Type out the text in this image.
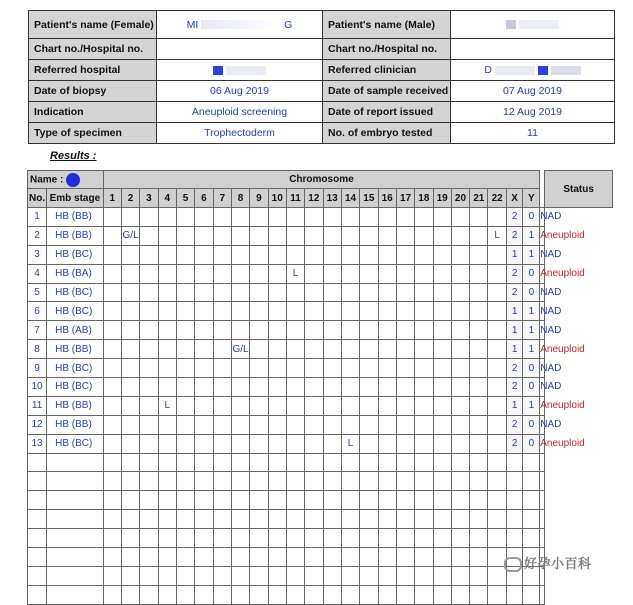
Patient's name (Female)	MI G	Patient's name (Male)	
Chart no./Hospital no.		Chart no./Hospital no.	
Referred hospital		Referred clinician	D
Date of biopsy	06 Aug 2019	Date of sample received	07 Aug 2019
Indication	Aneuploid screening	Date of report issued	12 Aug 2019
Type of specimen	Trophectoderm	No. of embryo tested	11
Results :
Name :		Chromosome																									Status
No.	Emb stage	1	2	3	4	5	6	7	8	9	10	11	12	13	14	15	16	17	18	19	20	21	22	X	Y		
1	HB (BB)																							2	0	NAD	
2	HB (BB)		G/L																				L	2	1	Aneuploid	
3	HB (BC)																							1	1	NAD	
4	HB (BA)											L												2	0	Aneuploid	
5	HB (BC)																							2	0	NAD	
6	HB (BC)																							1	1	NAD	
7	HB (AB)																							1	1	NAD	
8	HB (BB)								G/L															1	1	Aneuploid	
9	HB (BC)																							2	0	NAD	
10	HB (BC)																							2	0	NAD	
11	HB (BB)				L																			1	1	Aneuploid	
12	HB (BB)																							2	0	NAD	
13	HB (BC)														L									2	0	Aneuploid	

好孕小百科
